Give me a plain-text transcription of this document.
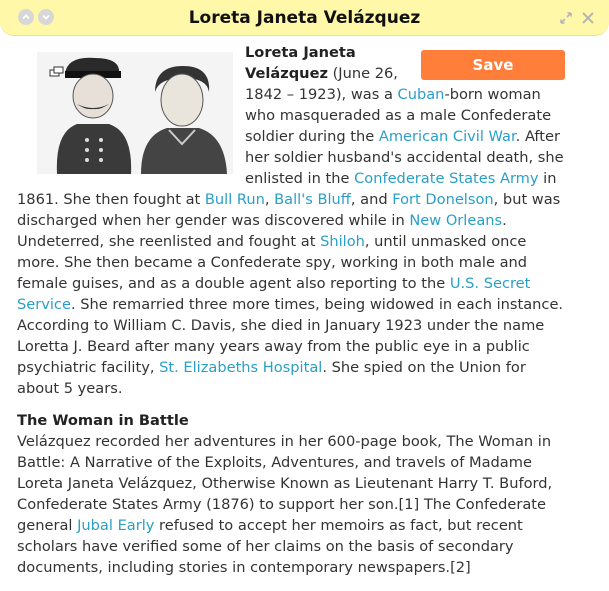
Loreta Janeta Velázquez
Save

Loreta Janeta Velázquez (June 26, 1842 – 1923), was a Cuban-born woman who masqueraded as a male Confederate soldier during the American Civil War. After her soldier husband's accidental death, she enlisted in the Confederate States Army in 1861. She then fought at Bull Run, Ball's Bluff, and Fort Donelson, but was discharged when her gender was discovered while in New Orleans. Undeterred, she reenlisted and fought at Shiloh, until unmasked once more. She then became a Confederate spy, working in both male and female guises, and as a double agent also reporting to the U.S. Secret Service. She remarried three more times, being widowed in each instance. According to William C. Davis, she died in January 1923 under the name Loretta J. Beard after many years away from the public eye in a public psychiatric facility, St. Elizabeths Hospital. She spied on the Union for about 5 years.

The Woman in Battle

Velázquez recorded her adventures in her 600-page book, The Woman in Battle: A Narrative of the Exploits, Adventures, and travels of Madame Loreta Janeta Velázquez, Otherwise Known as Lieutenant Harry T. Buford, Confederate States Army (1876) to support her son.[1] The Confederate general Jubal Early refused to accept her memoirs as fact, but recent scholars have verified some of her claims on the basis of secondary documents, including stories in contemporary newspapers.[2]
